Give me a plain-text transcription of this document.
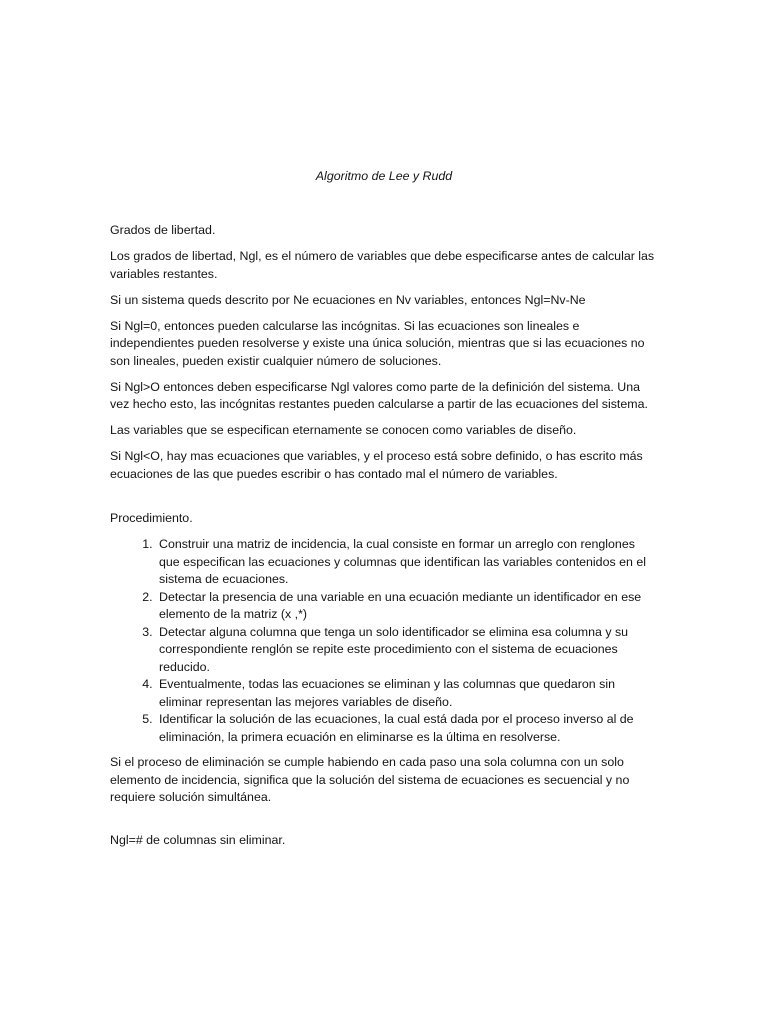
Algoritmo de Lee y Rudd

Grados de libertad.

Los grados de libertad, Ngl, es el número de variables que debe especificarse antes de calcular las variables restantes.

Si un sistema queds descrito por Ne ecuaciones en Nv variables, entonces Ngl=Nv-Ne

Si Ngl=0, entonces pueden calcularse las incógnitas. Si las ecuaciones son lineales e independientes pueden resolverse y existe una única solución, mientras que si las ecuaciones no son lineales, pueden existir cualquier número de soluciones.

Si Ngl>O entonces deben especificarse Ngl valores como parte de la definición del sistema. Una vez hecho esto, las incógnitas restantes pueden calcularse a partir de las ecuaciones del sistema.

Las variables que se especifican eternamente se conocen como variables de diseño.

Si Ngl<O, hay mas ecuaciones que variables, y el proceso está sobre definido, o has escrito más ecuaciones de las que puedes escribir o has contado mal el número de variables.

Procedimiento.

1. Construir una matriz de incidencia, la cual consiste en formar un arreglo con renglones que especifican las ecuaciones y columnas que identifican las variables contenidos en el sistema de ecuaciones.
2. Detectar la presencia de una variable en una ecuación mediante un identificador en ese elemento de la matriz (x ,*)
3. Detectar alguna columna que tenga un solo identificador se elimina esa columna y su correspondiente renglón se repite este procedimiento con el sistema de ecuaciones reducido.
4. Eventualmente, todas las ecuaciones se eliminan y las columnas que quedaron sin eliminar representan las mejores variables de diseño.
5. Identificar la solución de las ecuaciones, la cual está dada por el proceso inverso al de eliminación, la primera ecuación en eliminarse es la última en resolverse.

Si el proceso de eliminación se cumple habiendo en cada paso una sola columna con un solo elemento de incidencia, significa que la solución del sistema de ecuaciones es secuencial y no requiere solución simultánea.

Ngl=# de columnas sin eliminar.
